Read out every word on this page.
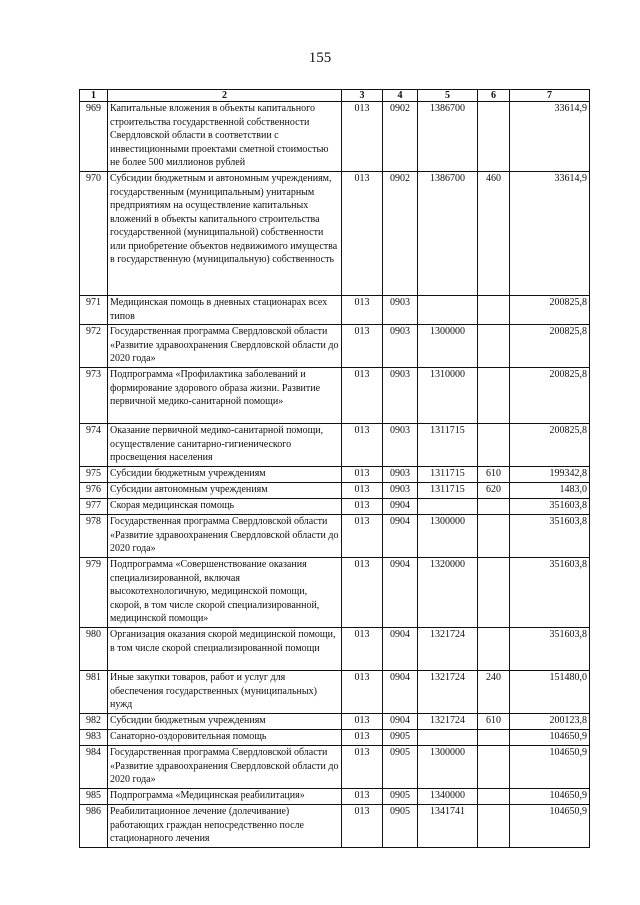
155
1	2	3	4	5	6	7
969	Капитальные вложения в объекты капитального строительства государственной собственности Свердловской области в соответствии с инвестиционными проектами сметной стоимостью не более 500 миллионов рублей	013	0902	1386700		33614,9
970	Субсидии бюджетным и автономным учреждениям, государственным (муниципальным) унитарным предприятиям на осуществление капитальных вложений в объекты капитального строительства государственной (муниципальной) собственности или приобретение объектов недвижимого имущества в государственную (муниципальную) собственность	013	0902	1386700	460	33614,9
971	Медицинская помощь в дневных стационарах всех типов	013	0903			200825,8
972	Государственная программа Свердловской области «Развитие здравоохранения Свердловской области до 2020 года»	013	0903	1300000		200825,8
973	Подпрограмма «Профилактика заболеваний и формирование здорового образа жизни. Развитие первичной медико-санитарной помощи»	013	0903	1310000		200825,8
974	Оказание первичной медико-санитарной помощи, осуществление санитарно-гигиенического просвещения населения	013	0903	1311715		200825,8
975	Субсидии бюджетным учреждениям	013	0903	1311715	610	199342,8
976	Субсидии автономным учреждениям	013	0903	1311715	620	1483,0
977	Скорая медицинская помощь	013	0904			351603,8
978	Государственная программа Свердловской области «Развитие здравоохранения Свердловской области до 2020 года»	013	0904	1300000		351603,8
979	Подпрограмма «Совершенствование оказания специализированной, включая высокотехнологичную, медицинской помощи, скорой, в том числе скорой специализированной, медицинской помощи»	013	0904	1320000		351603,8
980	Организация оказания скорой медицинской помощи, в том числе скорой специализированной помощи	013	0904	1321724		351603,8
981	Иные закупки товаров, работ и услуг для обеспечения государственных (муниципальных) нужд	013	0904	1321724	240	151480,0
982	Субсидии бюджетным учреждениям	013	0904	1321724	610	200123,8
983	Санаторно-оздоровительная помощь	013	0905			104650,9
984	Государственная программа Свердловской области «Развитие здравоохранения Свердловской области до 2020 года»	013	0905	1300000		104650,9
985	Подпрограмма «Медицинская реабилитация»	013	0905	1340000		104650,9
986	Реабилитационное лечение (долечивание) работающих граждан непосредственно после стационарного лечения	013	0905	1341741		104650,9
